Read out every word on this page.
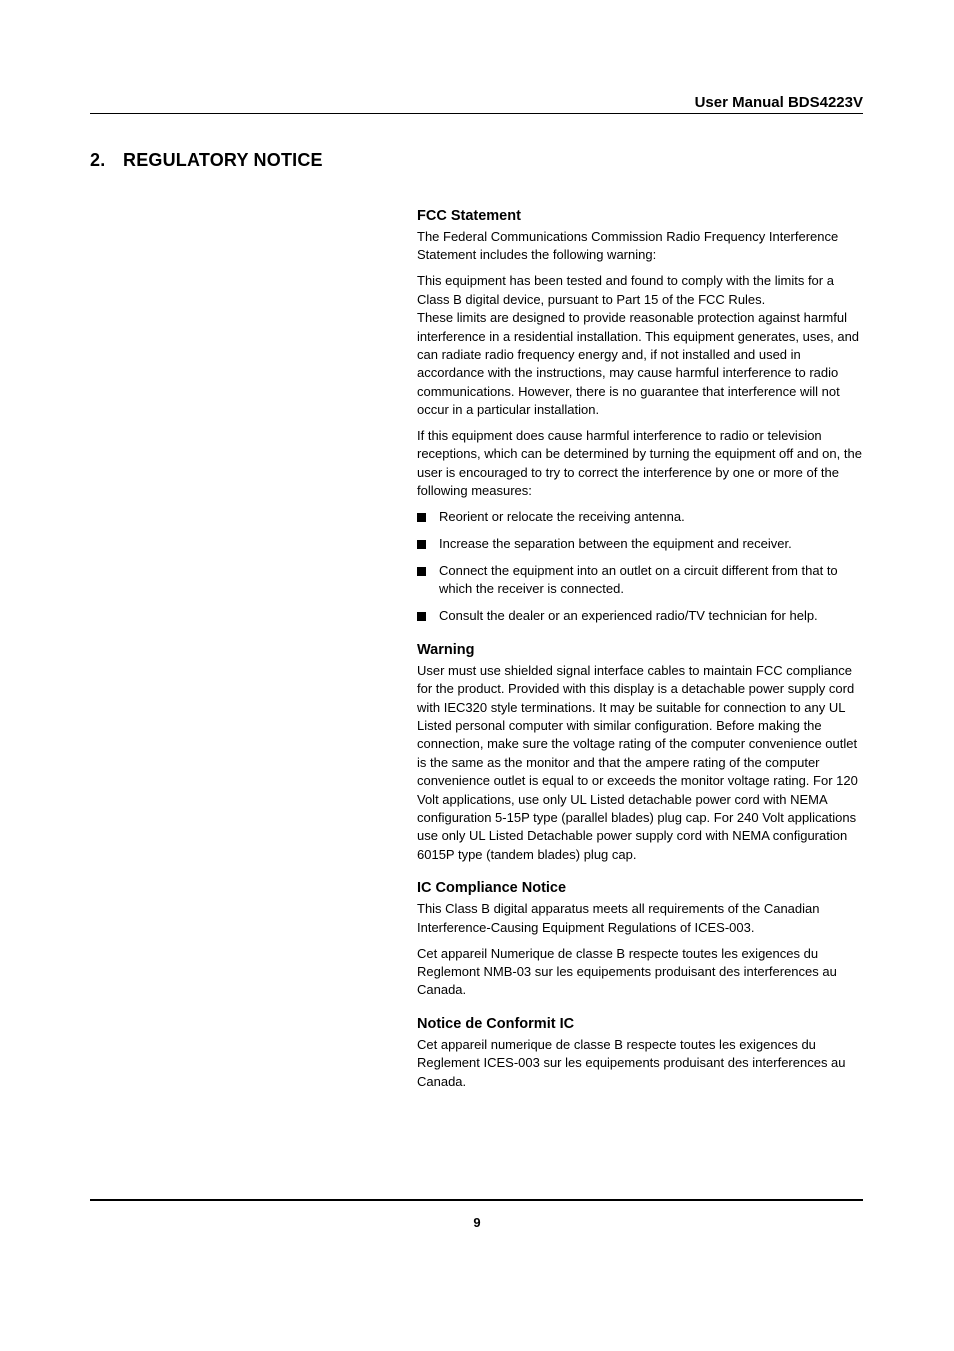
User Manual BDS4223V
2. REGULATORY NOTICE
FCC Statement

The Federal Communications Commission Radio Frequency Interference Statement includes the following warning:

This equipment has been tested and found to comply with the limits for a Class B digital device, pursuant to Part 15 of the FCC Rules.
These limits are designed to provide reasonable protection against harmful interference in a residential installation. This equipment generates, uses, and can radiate radio frequency energy and, if not installed and used in accordance with the instructions, may cause harmful interference to radio communications. However, there is no guarantee that interference will not occur in a particular installation.

If this equipment does cause harmful interference to radio or television receptions, which can be determined by turning the equipment off and on, the user is encouraged to try to correct the interference by one or more of the following measures:

Reorient or relocate the receiving antenna.
Increase the separation between the equipment and receiver.
Connect the equipment into an outlet on a circuit different from that to which the receiver is connected.
Consult the dealer or an experienced radio/TV technician for help.
Warning

User must use shielded signal interface cables to maintain FCC compliance for the product. Provided with this display is a detachable power supply cord with IEC320 style terminations. It may be suitable for connection to any UL Listed personal computer with similar configuration. Before making the connection, make sure the voltage rating of the computer convenience outlet is the same as the monitor and that the ampere rating of the computer convenience outlet is equal to or exceeds the monitor voltage rating. For 120 Volt applications, use only UL Listed detachable power cord with NEMA configuration 5-15P type (parallel blades) plug cap. For 240 Volt applications use only UL Listed Detachable power supply cord with NEMA configuration 6015P type (tandem blades) plug cap.

IC Compliance Notice

This Class B digital apparatus meets all requirements of the Canadian Interference-Causing Equipment Regulations of ICES-003.

Cet appareil Numerique de classe B respecte toutes les exigences du Reglemont NMB-03 sur les equipements produisant des interferences au Canada.

Notice de Conformit IC

Cet appareil numerique de classe B respecte toutes les exigences du Reglement ICES-003 sur les equipements produisant des interferences au Canada.

9
